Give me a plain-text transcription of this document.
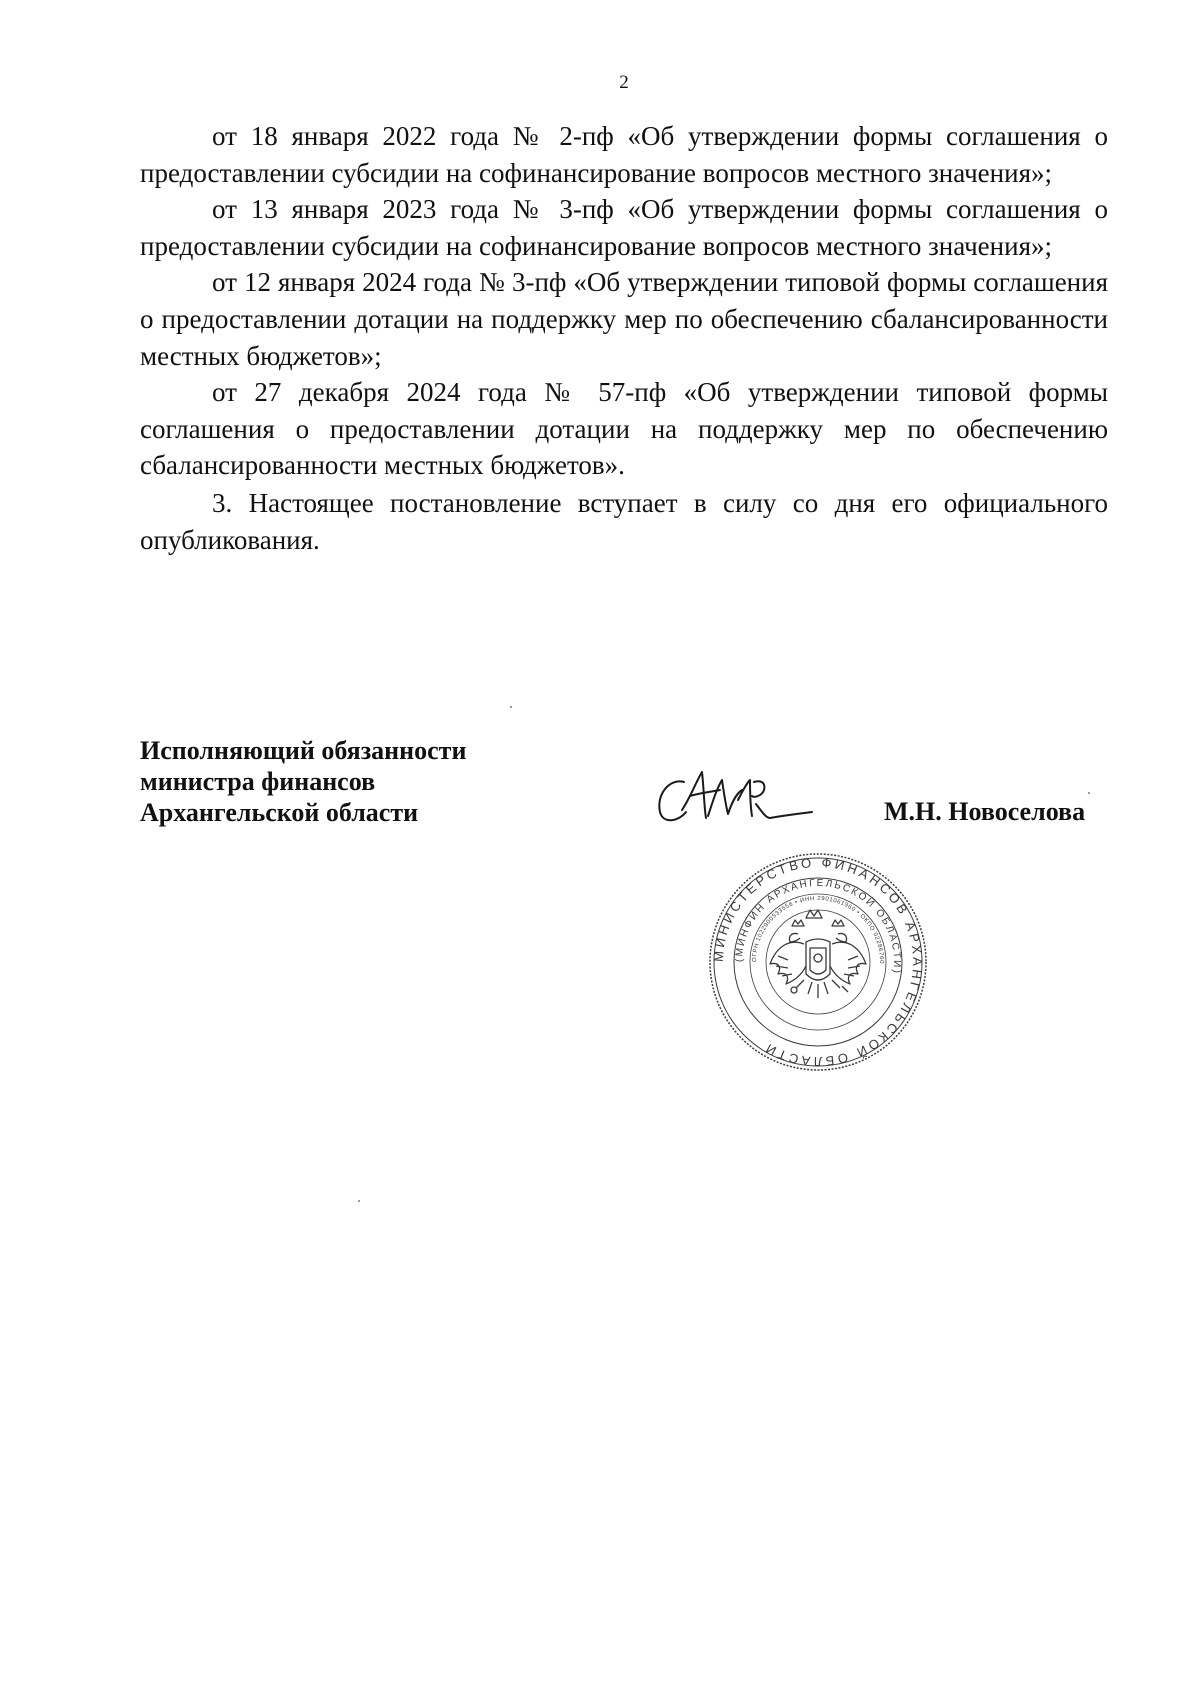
2

от 18 января 2022 года № 2-пф «Об утверждении формы соглашения о предоставлении субсидии на софинансирование вопросов местного значения»;

от 13 января 2023 года № 3-пф «Об утверждении формы соглашения о предоставлении субсидии на софинансирование вопросов местного значения»;

от 12 января 2024 года № 3-пф «Об утверждении типовой формы соглашения о предоставлении дотации на поддержку мер по обеспечению сбалансированности местных бюджетов»;

от 27 декабря 2024 года № 57-пф «Об утверждении типовой формы соглашения о предоставлении дотации на поддержку мер по обеспечению сбалансированности местных бюджетов».

3. Настоящее постановление вступает в силу со дня его официального опубликования.

Исполняющий обязанности
министра финансов
Архангельской области	М.Н. Новоселова
МИНИСТЕРСТВО ФИНАНСОВ АРХАНГЕЛЬСКОЙ ОБЛАСТИ
(МИНФИН АРХАНГЕЛЬСКОЙ ОБЛАСТИ)
ОГРН 1022900533556 • ИНН 2901061960 • ОКПО 02286760
